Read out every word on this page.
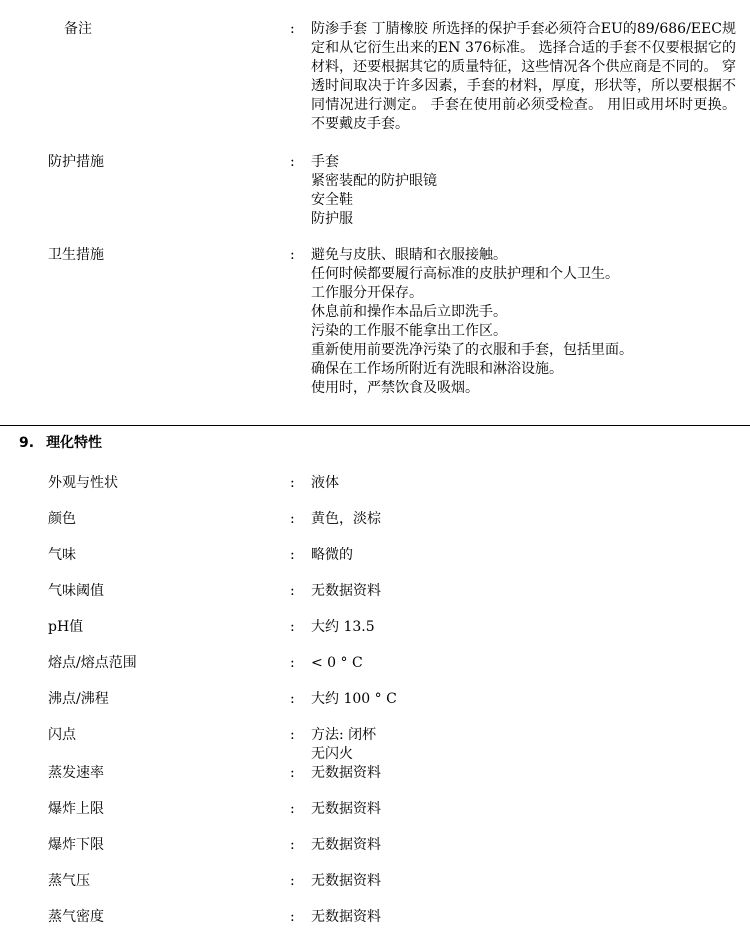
备注	: 防渗手套 丁腈橡胶 所选择的保护手套必须符合EU的89/686/EEC规定和从它衍生出来的EN 376标准。 选择合适的手套不仅要根据它的材料，还要根据其它的质量特征，这些情况各个供应商是不同的。 穿透时间取决于许多因素，手套的材料，厚度，形状等，所以要根据不同情况进行测定。 手套在使用前必须受检查。 用旧或用坏时更换。 不要戴皮手套。
防护措施	: 手套
紧密装配的防护眼镜
安全鞋
防护服
卫生措施	: 避免与皮肤、眼睛和衣服接触。
任何时候都要履行高标准的皮肤护理和个人卫生。
工作服分开保存。
休息前和操作本品后立即洗手。
污染的工作服不能拿出工作区。
重新使用前要洗净污染了的衣服和手套，包括里面。
确保在工作场所附近有洗眼和淋浴设施。
使用时，严禁饮食及吸烟。
9. 理化特性
外观与性状	: 液体
颜色	: 黄色，淡棕
气味	: 略微的
气味阈值	: 无数据资料
pH值	: 大约 13.5
熔点/熔点范围	: < 0 ° C
沸点/沸程	: 大约 100 ° C
闪点	: 方法: 闭杯
无闪火
蒸发速率	: 无数据资料
爆炸上限	: 无数据资料
爆炸下限	: 无数据资料
蒸气压	: 无数据资料
蒸气密度	: 无数据资料
